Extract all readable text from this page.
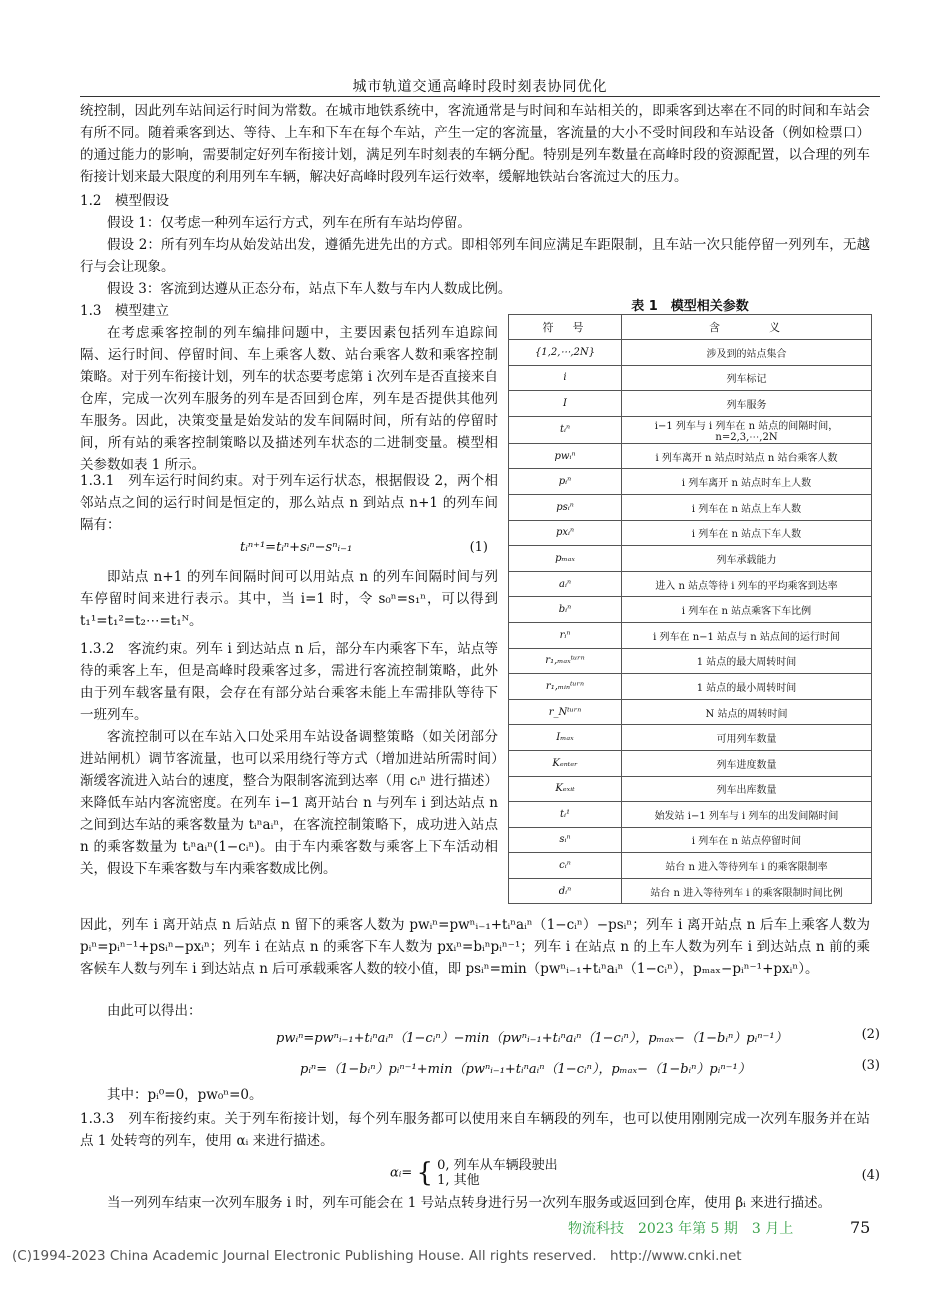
城市轨道交通高峰时段时刻表协同优化
统控制，因此列车站间运行时间为常数。在城市地铁系统中，客流通常是与时间和车站相关的，即乘客到达率在不同的时间和车站会有所不同。随着乘客到达、等待、上车和下车在每个车站，产生一定的客流量，客流量的大小不受时间段和车站设备（例如检票口）的通过能力的影响，需要制定好列车衔接计划，满足列车时刻表的车辆分配。特别是列车数量在高峰时段的资源配置，以合理的列车衔接计划来最大限度的利用列车车辆，解决好高峰时段列车运行效率，缓解地铁站台客流过大的压力。
1.2　模型假设
假设 1：仅考虑一种列车运行方式，列车在所有车站均停留。
假设 2：所有列车均从始发站出发，遵循先进先出的方式。即相邻列车间应满足车距限制，且车站一次只能停留一列列车，无越行与会让现象。
假设 3：客流到达遵从正态分布，站点下车人数与车内人数成比例。
1.3　模型建立
在考虑乘客控制的列车编排问题中，主要因素包括列车追踪间隔、运行时间、停留时间、车上乘客人数、站台乘客人数和乘客控制策略。对于列车衔接计划，列车的状态要考虑第 i 次列车是否直接来自仓库，完成一次列车服务的列车是否回到仓库，列车是否提供其他列车服务。因此，决策变量是始发站的发车间隔时间，所有站的停留时间，所有站的乘客控制策略以及描述列车状态的二进制变量。模型相关参数如表 1 所示。
1.3.1　列车运行时间约束。对于列车运行状态，根据假设 2，两个相邻站点之间的运行时间是恒定的，那么站点 n 到站点 n+1 的列车间隔有：
tᵢⁿ⁺¹=tᵢⁿ+sᵢⁿ−sⁿᵢ₋₁	(1)
即站点 n+1 的列车间隔时间可以用站点 n 的列车间隔时间与列车停留时间来进行表示。其中，当 i=1 时，令 s₀ⁿ=s₁ⁿ，可以得到 t₁¹=t₁²=t₂⋯=t₁ᴺ。
1.3.2　客流约束。列车 i 到达站点 n 后，部分车内乘客下车，站点等待的乘客上车，但是高峰时段乘客过多，需进行客流控制策略，此外由于列车载客量有限，会存在有部分站台乘客未能上车需排队等待下一班列车。
客流控制可以在车站入口处采用车站设备调整策略（如关闭部分进站闸机）调节客流量，也可以采用绕行等方式（增加进站所需时间）渐缓客流进入站台的速度，整合为限制客流到达率（用 cᵢⁿ 进行描述）来降低车站内客流密度。在列车 i−1 离开站台 n 与列车 i 到达站点 n 之间到达车站的乘客数量为 tᵢⁿaᵢⁿ，在客流控制策略下，成功进入站点 n 的乘客数量为 tᵢⁿaᵢⁿ(1−cᵢⁿ)。由于车内乘客数与乘客上下车活动相关，假设下车乘客数与车内乘客数成比例。
因此，列车 i 离开站点 n 后站点 n 留下的乘客人数为 pwᵢⁿ=pwⁿᵢ₋₁+tᵢⁿaᵢⁿ（1−cᵢⁿ）−psᵢⁿ；列车 i 离开站点 n 后车上乘客人数为 pᵢⁿ=pᵢⁿ⁻¹+psᵢⁿ−pxᵢⁿ；列车 i 在站点 n 的乘客下车人数为 pxᵢⁿ=bᵢⁿpᵢⁿ⁻¹；列车 i 在站点 n 的上车人数为列车 i 到达站点 n 前的乘客候车人数与列车 i 到达站点 n 后可承载乘客人数的较小值，即 psᵢⁿ=min（pwⁿᵢ₋₁+tᵢⁿaᵢⁿ（1−cᵢⁿ），pₘₐₓ−pᵢⁿ⁻¹+pxᵢⁿ）。
由此可以得出：
pwᵢⁿ=pwⁿᵢ₋₁+tᵢⁿaᵢⁿ（1−cᵢⁿ）−min（pwⁿᵢ₋₁+tᵢⁿaᵢⁿ（1−cᵢⁿ），pₘₐₓ−（1−bᵢⁿ）pᵢⁿ⁻¹）	(2)
pᵢⁿ=（1−bᵢⁿ）pᵢⁿ⁻¹+min（pwⁿᵢ₋₁+tᵢⁿaᵢⁿ（1−cᵢⁿ），pₘₐₓ−（1−bᵢⁿ）pᵢⁿ⁻¹）	(3)
其中：pᵢ⁰=0，pw₀ⁿ=0。
1.3.3　列车衔接约束。关于列车衔接计划，每个列车服务都可以使用来自车辆段的列车，也可以使用刚刚完成一次列车服务并在站点 1 处转弯的列车，使用 αᵢ 来进行描述。
αᵢ= { 0, 列车从车辆段驶出
1, 其他	(4)
当一列列车结束一次列车服务 i 时，列车可能会在 1 号站点转身进行另一次列车服务或返回到仓库，使用 βᵢ 来进行描述。
表 1　模型相关参数
符　号	含　　　义
{1,2,⋯,2N}	涉及到的站点集合
i	列车标记
I	列车服务
tᵢⁿ	i−1 列车与 i 列车在 n 站点的间隔时间，n=2,3,⋯,2N
pwᵢⁿ	i 列车离开 n 站点时站点 n 站台乘客人数
pᵢⁿ	i 列车离开 n 站点时车上人数
psᵢⁿ	i 列车在 n 站点上车人数
pxᵢⁿ	i 列车在 n 站点下车人数
pₘₐₓ	列车承载能力
aᵢⁿ	进入 n 站点等待 i 列车的平均乘客到达率
bᵢⁿ	i 列车在 n 站点乘客下车比例
rᵢⁿ	i 列车在 n−1 站点与 n 站点间的运行时间
r₁,ₘₐₓᵗᵘʳⁿ	1 站点的最大周转时间
r₁,ₘᵢₙᵗᵘʳⁿ	1 站点的最小周转时间
r_Nᵗᵘʳⁿ	N 站点的周转时间
Iₘₐₓ	可用列车数量
Kₑₙₜₑᵣ	列车进度数量
Kₑₓᵢₜ	列车出库数量
tᵢ¹	始发站 i−1 列车与 i 列车的出发间隔时间
sᵢⁿ	i 列车在 n 站点停留时间
cᵢⁿ	站台 n 进入等待列车 i 的乘客限制率
dᵢⁿ	站台 n 进入等待列车 i 的乘客限制时间比例
物流科技　2023 年第 5 期　3 月上	75
(C)1994-2023 China Academic Journal Electronic Publishing House. All rights reserved.　http://www.cnki.net
